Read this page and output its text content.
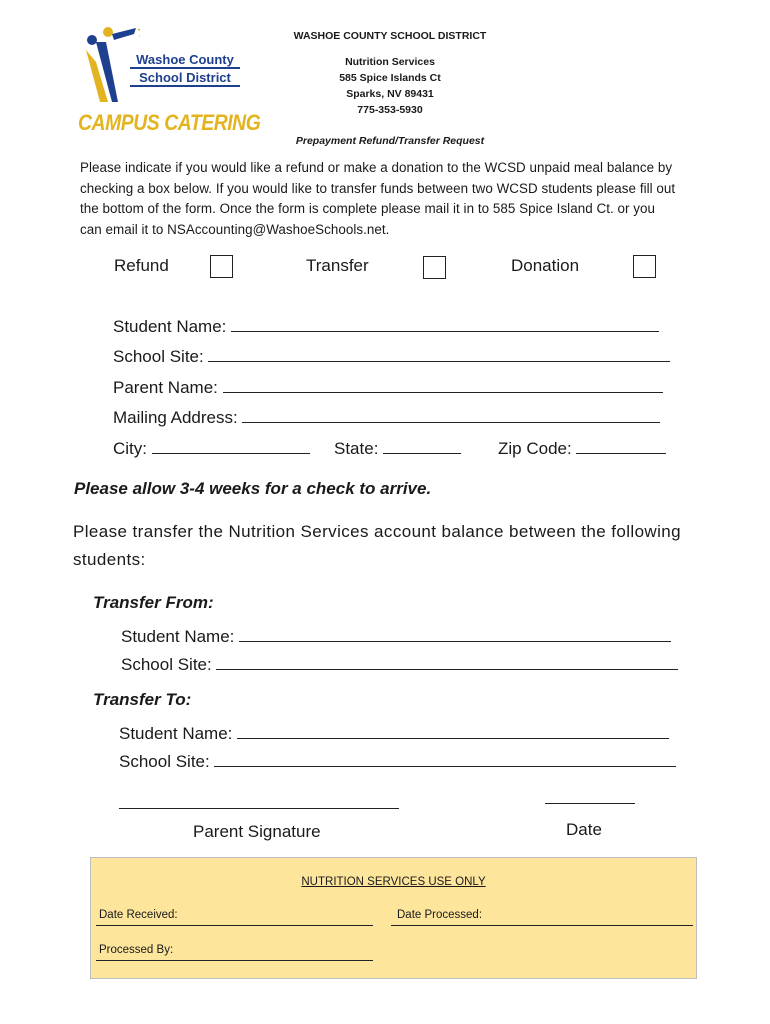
Washoe County
School District
CAMPUS CATERING
WASHOE COUNTY SCHOOL DISTRICT
Nutrition Services
585 Spice Islands Ct
Sparks, NV 89431
775-353-5930
Prepayment Refund/Transfer Request
Please indicate if you would like a refund or make a donation to the WCSD unpaid meal balance by checking a box below. If you would like to transfer funds between two WCSD students please fill out the bottom of the form. Once the form is complete please mail it in to 585 Spice Island Ct. or you can email it to NSAccounting@WashoeSchools.net.
Refund	Transfer	Donation
Student Name:
School Site:
Parent Name:
Mailing Address:
City:	State:	Zip Code:
Please allow 3-4 weeks for a check to arrive.
Please transfer the Nutrition Services account balance between the following students:
Transfer From:
Student Name:
School Site:
Transfer To:
Student Name:
School Site:
Parent Signature	Date
NUTRITION SERVICES USE ONLY
Date Received:	Date Processed:
Processed By:
